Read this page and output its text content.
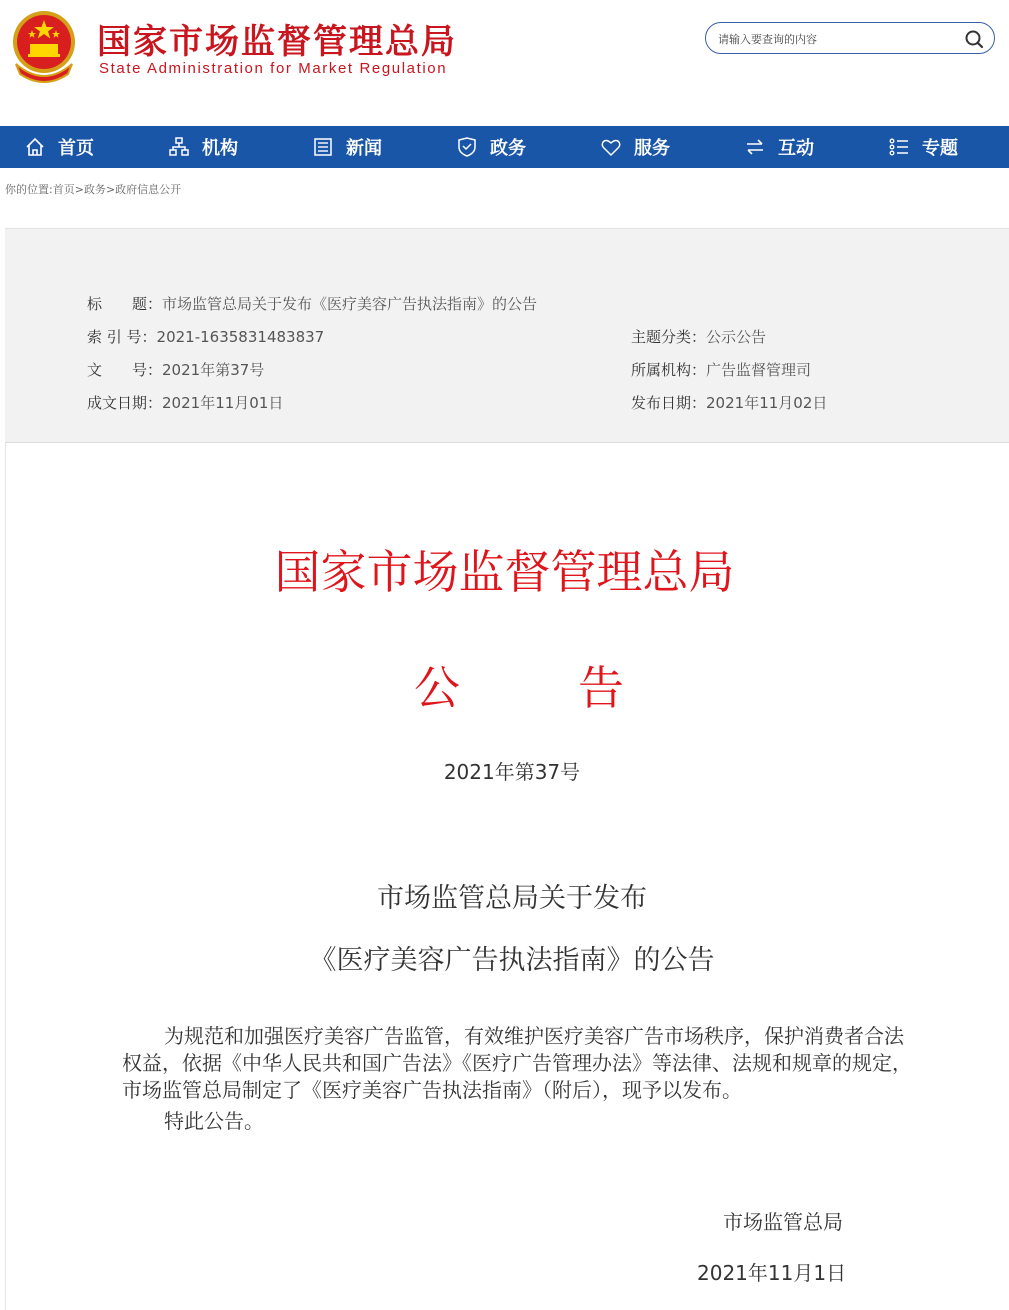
国家市场监督管理总局
State Administration for Market Regulation
请输入要查询的内容
首页	机构	新闻	政务	服务	互动	专题
你的位置:首页>政务>政府信息公开
标　　题：市场监管总局关于发布《医疗美容广告执法指南》的公告
索 引 号：2021-1635831483837	主题分类：公示公告
文　　号：2021年第37号	所属机构：广告监督管理司
成文日期：2021年11月01日	发布日期：2021年11月02日
国家市场监督管理总局
公	告
2021年第37号
市场监管总局关于发布
《医疗美容广告执法指南》的公告
为规范和加强医疗美容广告监管，有效维护医疗美容广告市场秩序，保护消费者合法权益，依据《中华人民共和国广告法》《医疗广告管理办法》等法律、法规和规章的规定，市场监管总局制定了《医疗美容广告执法指南》（附后），现予以发布。
特此公告。
市场监管总局
2021年11月1日
